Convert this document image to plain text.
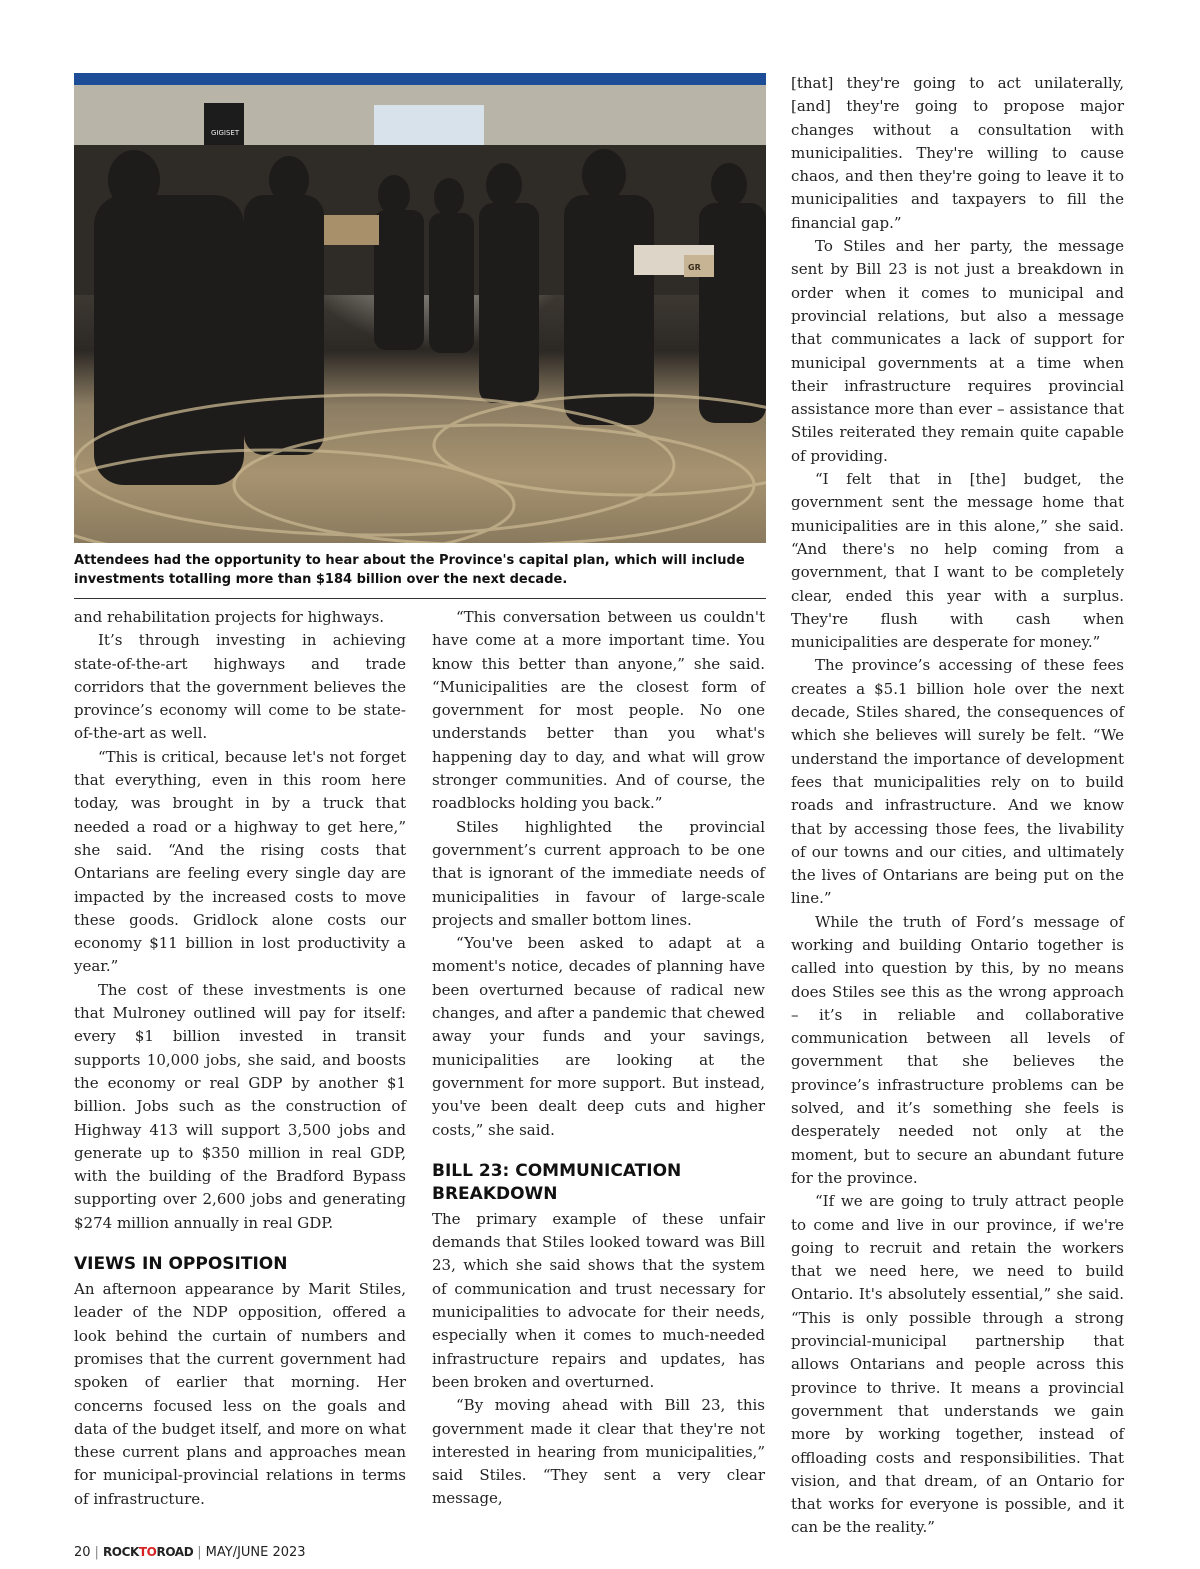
GIGISET
GR
Attendees had the opportunity to hear about the Province's capital plan, which will include investments totalling more than $184 billion over the next decade.

and rehabilitation projects for highways.

It’s through investing in achieving state-of-the-art highways and trade corridors that the government believes the province’s economy will come to be state-of-the-art as well.

“This is critical, because let's not forget that everything, even in this room here today, was brought in by a truck that needed a road or a highway to get here,” she said. “And the rising costs that Ontarians are feeling every single day are impacted by the increased costs to move these goods. Gridlock alone costs our economy $11 billion in lost productivity a year.”

The cost of these investments is one that Mulroney outlined will pay for itself: every $1 billion invested in transit supports 10,000 jobs, she said, and boosts the economy or real GDP by another $1 billion. Jobs such as the construction of Highway 413 will support 3,500 jobs and generate up to $350 million in real GDP, with the building of the Bradford Bypass supporting over 2,600 jobs and generating $274 million annually in real GDP.

VIEWS IN OPPOSITION

An afternoon appearance by Marit Stiles, leader of the NDP opposition, offered a look behind the curtain of numbers and promises that the current government had spoken of earlier that morning. Her concerns focused less on the goals and data of the budget itself, and more on what these current plans and approaches mean for municipal-provincial relations in terms of infrastructure.

“This conversation between us couldn't have come at a more important time. You know this better than anyone,” she said. “Municipalities are the closest form of government for most people. No one understands better than you what's happening day to day, and what will grow stronger communities. And of course, the roadblocks holding you back.”

Stiles highlighted the provincial government’s current approach to be one that is ignorant of the immediate needs of municipalities in favour of large-scale projects and smaller bottom lines.

“You've been asked to adapt at a moment's notice, decades of planning have been overturned because of radical new changes, and after a pandemic that chewed away your funds and your savings, municipalities are looking at the government for more support. But instead, you've been dealt deep cuts and higher costs,” she said.

BILL 23: COMMUNICATION BREAKDOWN

The primary example of these unfair demands that Stiles looked toward was Bill 23, which she said shows that the system of communication and trust necessary for municipalities to advocate for their needs, especially when it comes to much-needed infrastructure repairs and updates, has been broken and overturned.

“By moving ahead with Bill 23, this government made it clear that they're not interested in hearing from municipalities,” said Stiles. “They sent a very clear message,

[that] they're going to act unilaterally, [and] they're going to propose major changes without a consultation with municipalities. They're willing to cause chaos, and then they're going to leave it to municipalities and taxpayers to fill the financial gap.”

To Stiles and her party, the message sent by Bill 23 is not just a breakdown in order when it comes to municipal and provincial relations, but also a message that communicates a lack of support for municipal governments at a time when their infrastructure requires provincial assistance more than ever – assistance that Stiles reiterated they remain quite capable of providing.

“I felt that in [the] budget, the government sent the message home that municipalities are in this alone,” she said. “And there's no help coming from a government, that I want to be completely clear, ended this year with a surplus. They're flush with cash when municipalities are desperate for money.”

The province’s accessing of these fees creates a $5.1 billion hole over the next decade, Stiles shared, the consequences of which she believes will surely be felt. “We understand the importance of development fees that municipalities rely on to build roads and infrastructure. And we know that by accessing those fees, the livability of our towns and our cities, and ultimately the lives of Ontarians are being put on the line.”

While the truth of Ford’s message of working and building Ontario together is called into question by this, by no means does Stiles see this as the wrong approach – it’s in reliable and collaborative communication between all levels of government that she believes the province’s infrastructure problems can be solved, and it’s something she feels is desperately needed not only at the moment, but to secure an abundant future for the province.

“If we are going to truly attract people to come and live in our province, if we're going to recruit and retain the workers that we need here, we need to build Ontario. It's absolutely essential,” she said. “This is only possible through a strong provincial-municipal partnership that allows Ontarians and people across this province to thrive. It means a provincial government that understands we gain more by working together, instead of offloading costs and responsibilities. That vision, and that dream, of an Ontario for that works for everyone is possible, and it can be the reality.”

20 | ROCKTOROAD | MAY/JUNE 2023
